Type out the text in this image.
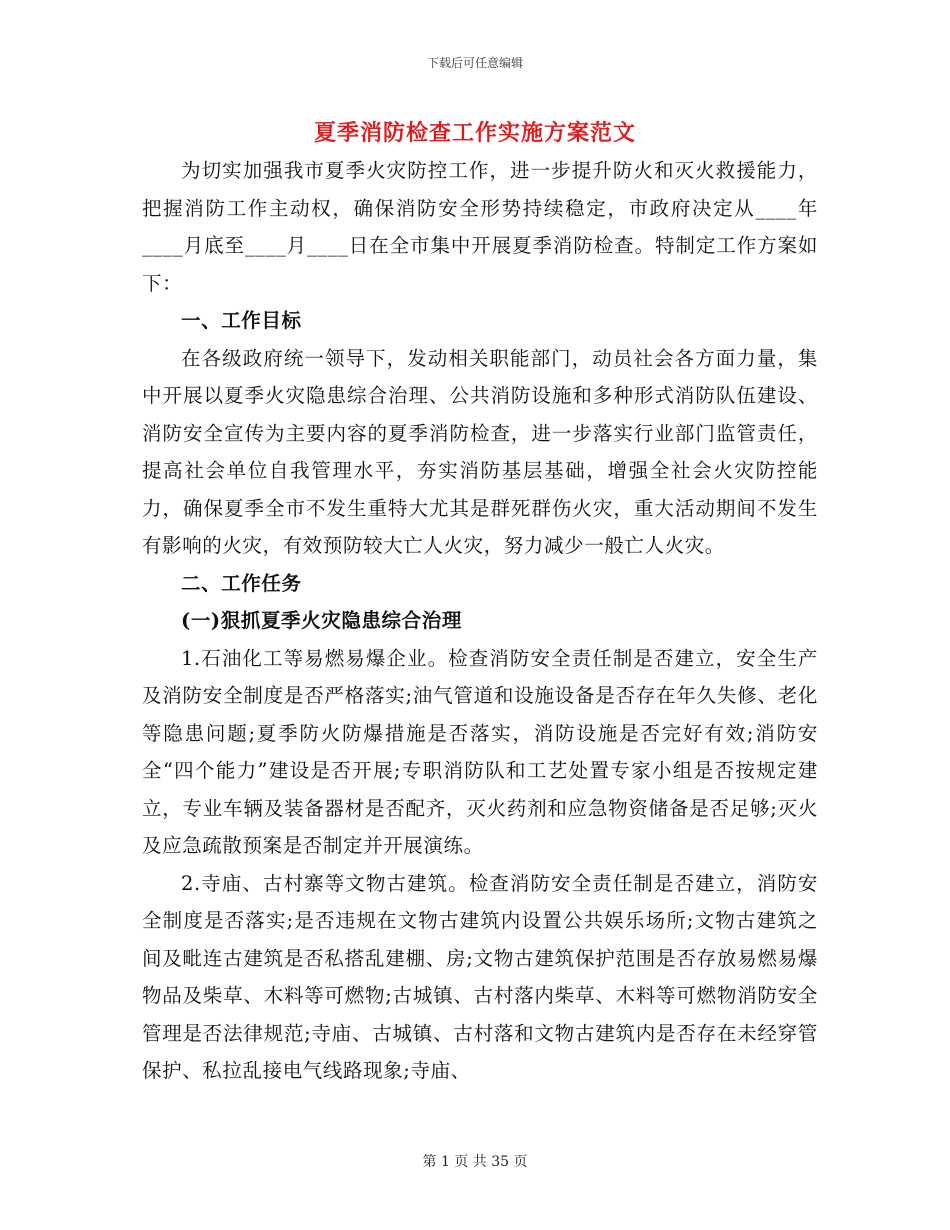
下载后可任意编辑
夏季消防检查工作实施方案范文

为切实加强我市夏季火灾防控工作，进一步提升防火和灭火救援能力，把握消防工作主动权，确保消防安全形势持续稳定，市政府决定从____年____月底至____月____日在全市集中开展夏季消防检查。特制定工作方案如下：

一、工作目标

在各级政府统一领导下，发动相关职能部门，动员社会各方面力量，集中开展以夏季火灾隐患综合治理、公共消防设施和多种形式消防队伍建设、消防安全宣传为主要内容的夏季消防检查，进一步落实行业部门监管责任，提高社会单位自我管理水平，夯实消防基层基础，增强全社会火灾防控能力，确保夏季全市不发生重特大尤其是群死群伤火灾，重大活动期间不发生有影响的火灾，有效预防较大亡人火灾，努力减少一般亡人火灾。

二、工作任务

(一)狠抓夏季火灾隐患综合治理

1.石油化工等易燃易爆企业。检查消防安全责任制是否建立，安全生产及消防安全制度是否严格落实;油气管道和设施设备是否存在年久失修、老化等隐患问题;夏季防火防爆措施是否落实，消防设施是否完好有效;消防安全“四个能力”建设是否开展;专职消防队和工艺处置专家小组是否按规定建立，专业车辆及装备器材是否配齐，灭火药剂和应急物资储备是否足够;灭火及应急疏散预案是否制定并开展演练。

2.寺庙、古村寨等文物古建筑。检查消防安全责任制是否建立，消防安全制度是否落实;是否违规在文物古建筑内设置公共娱乐场所;文物古建筑之间及毗连古建筑是否私搭乱建棚、房;文物古建筑保护范围是否存放易燃易爆物品及柴草、木料等可燃物;古城镇、古村落内柴草、木料等可燃物消防安全管理是否法律规范;寺庙、古城镇、古村落和文物古建筑内是否存在未经穿管保护、私拉乱接电气线路现象;寺庙、

第 1 页 共 35 页
